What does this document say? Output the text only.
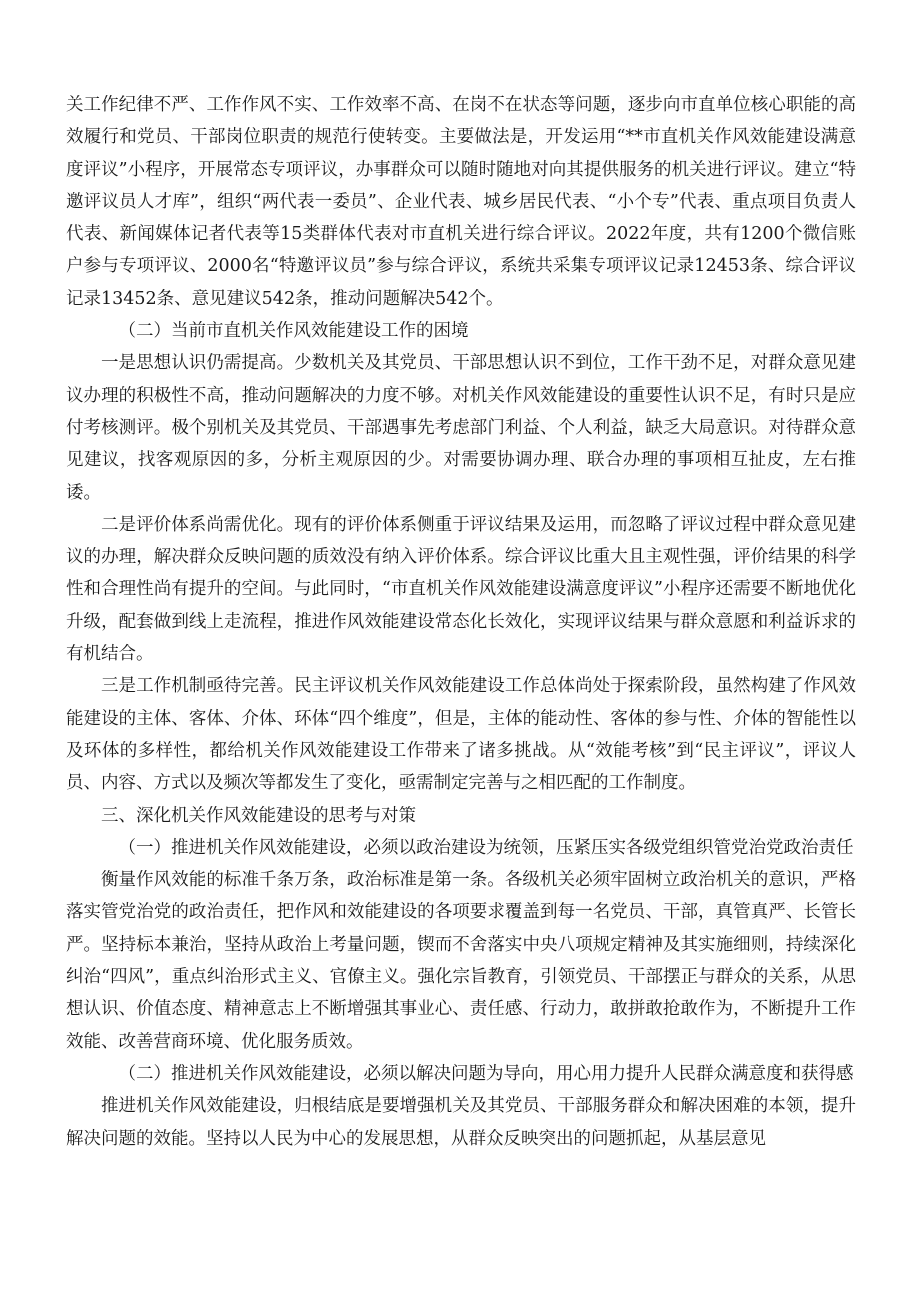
关工作纪律不严、工作作风不实、工作效率不高、在岗不在状态等问题，逐步向市直单位核心职能的高效履行和党员、干部岗位职责的规范行使转变。主要做法是，开发运用“**市直机关作风效能建设满意度评议”小程序，开展常态专项评议，办事群众可以随时随地对向其提供服务的机关进行评议。建立“特邀评议员人才库”，组织“两代表一委员”、企业代表、城乡居民代表、“小个专”代表、重点项目负责人代表、新闻媒体记者代表等15类群体代表对市直机关进行综合评议。2022年度，共有1200个微信账户参与专项评议、2000名“特邀评议员”参与综合评议，系统共采集专项评议记录12453条、综合评议记录13452条、意见建议542条，推动问题解决542个。

（二）当前市直机关作风效能建设工作的困境

一是思想认识仍需提高。少数机关及其党员、干部思想认识不到位，工作干劲不足，对群众意见建议办理的积极性不高，推动问题解决的力度不够。对机关作风效能建设的重要性认识不足，有时只是应付考核测评。极个别机关及其党员、干部遇事先考虑部门利益、个人利益，缺乏大局意识。对待群众意见建议，找客观原因的多，分析主观原因的少。对需要协调办理、联合办理的事项相互扯皮，左右推诿。

二是评价体系尚需优化。现有的评价体系侧重于评议结果及运用，而忽略了评议过程中群众意见建议的办理，解决群众反映问题的质效没有纳入评价体系。综合评议比重大且主观性强，评价结果的科学性和合理性尚有提升的空间。与此同时，“市直机关作风效能建设满意度评议”小程序还需要不断地优化升级，配套做到线上走流程，推进作风效能建设常态化长效化，实现评议结果与群众意愿和利益诉求的有机结合。

三是工作机制亟待完善。民主评议机关作风效能建设工作总体尚处于探索阶段，虽然构建了作风效能建设的主体、客体、介体、环体“四个维度”，但是，主体的能动性、客体的参与性、介体的智能性以及环体的多样性，都给机关作风效能建设工作带来了诸多挑战。从“效能考核”到“民主评议”，评议人员、内容、方式以及频次等都发生了变化，亟需制定完善与之相匹配的工作制度。

三、深化机关作风效能建设的思考与对策

（一）推进机关作风效能建设，必须以政治建设为统领，压紧压实各级党组织管党治党政治责任

衡量作风效能的标准千条万条，政治标准是第一条。各级机关必须牢固树立政治机关的意识，严格落实管党治党的政治责任，把作风和效能建设的各项要求覆盖到每一名党员、干部，真管真严、长管长严。坚持标本兼治，坚持从政治上考量问题，锲而不舍落实中央八项规定精神及其实施细则，持续深化纠治“四风”，重点纠治形式主义、官僚主义。强化宗旨教育，引领党员、干部摆正与群众的关系，从思想认识、价值态度、精神意志上不断增强其事业心、责任感、行动力，敢拼敢抢敢作为，不断提升工作效能、改善营商环境、优化服务质效。

（二）推进机关作风效能建设，必须以解决问题为导向，用心用力提升人民群众满意度和获得感

推进机关作风效能建设，归根结底是要增强机关及其党员、干部服务群众和解决困难的本领，提升解决问题的效能。坚持以人民为中心的发展思想，从群众反映突出的问题抓起，从基层意见
